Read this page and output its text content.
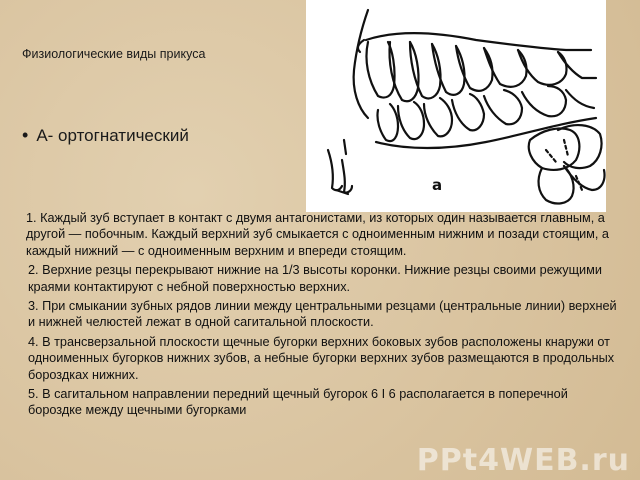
Физиологические виды прикуса
• А- ортогнатический
а

1. Каждый зуб вступает в контакт с двумя антагонистами, из которых один называется главным, а другой — побочным. Каждый верхний зуб смыкается с одноименным нижним и позади стоящим, а каждый нижний — с одноименным верхним и впереди стоящим.

2. Верхние резцы перекрывают нижние на 1/3 высоты коронки. Нижние резцы своими режущими краями контактируют с небной поверхностью верхних.

3. При смыкании зубных рядов линии между центральными резцами (центральные линии) верхней и нижней челюстей лежат в одной сагитальной плоскости.

4. В трансверзальной плоскости щечные бугорки верхних боковых зубов расположены кнаружи от одноименных бугорков нижних зубов, а небные бугорки верхних зубов размещаются в продольных бороздках нижних.

5. В сагитальном направлении передний щечный бугорок 6 I 6 располагается в поперечной бороздке между щечными бугорками

PPt4WEB.ru
